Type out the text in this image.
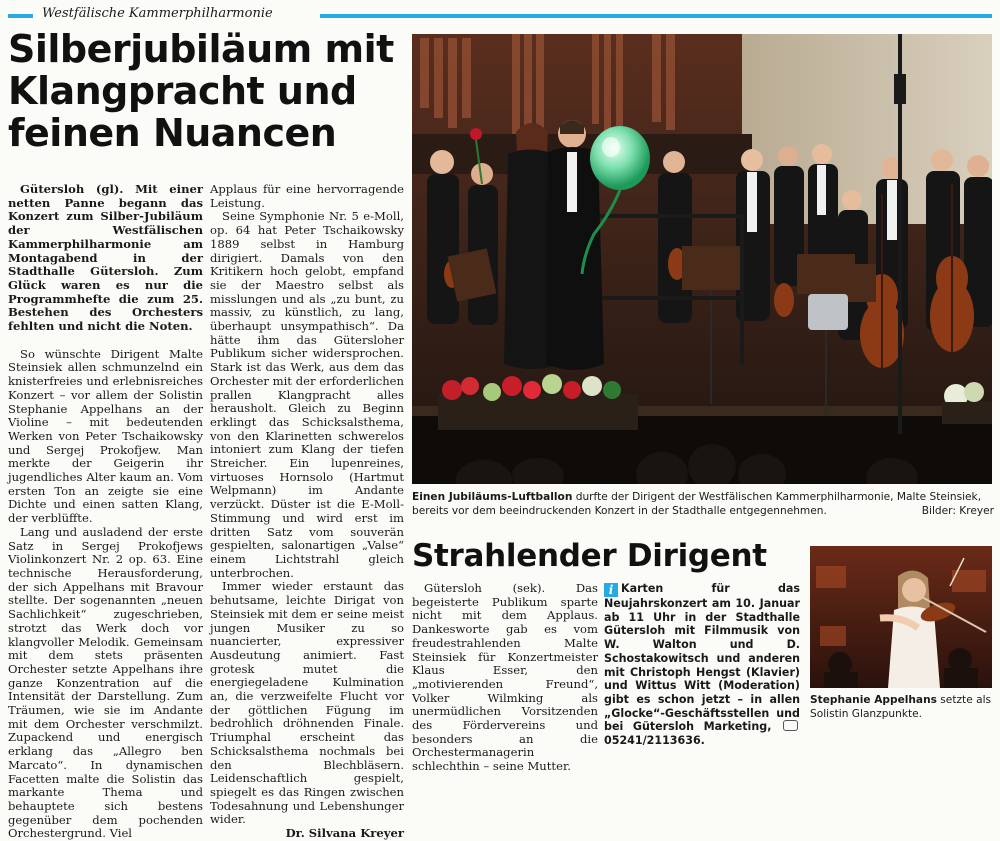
Westfälische Kammerphilharmonie
Silberjubiläum mit Klangpracht und feinen Nuancen

Gütersloh (gl). Mit einer netten Panne begann das Konzert zum Silber-Jubiläum der Westfälischen Kammerphilharmonie am Montagabend in der Stadthalle Gütersloh. Zum Glück waren es nur die Programmhefte die zum 25. Bestehen des Orchesters fehlten und nicht die Noten.

So wünschte Dirigent Malte Steinsiek allen schmunzelnd ein knisterfreies und erlebnisreiches Konzert – vor allem der Solistin Stephanie Appelhans an der Violine – mit bedeutenden Werken von Peter Tschaikowsky und Sergej Prokofjew. Man merkte der Geigerin ihr jugendliches Alter kaum an. Vom ersten Ton an zeigte sie eine Dichte und einen satten Klang, der verblüffte.

Lang und ausladend der erste Satz in Sergej Prokofjews Violinkonzert Nr. 2 op. 63. Eine technische Herausforderung, der sich Appelhans mit Bravour stellte. Der sogenannten „neuen Sachlichkeit“ zugeschrieben, strotzt das Werk doch vor klangvoller Melodik. Gemeinsam mit dem stets präsenten Orchester setzte Appelhans ihre ganze Konzentration auf die Intensität der Darstellung. Zum Träumen, wie sie im Andante mit dem Orchester verschmilzt. Zupackend und energisch erklang das „Allegro ben Marcato“. In dynamischen Facetten malte die Solistin das markante Thema und behauptete sich bestens gegenüber dem pochenden Orchestergrund. Viel

Applaus für eine hervorragende Leistung.

Seine Symphonie Nr. 5 e-Moll, op. 64 hat Peter Tschaikowsky 1889 selbst in Hamburg dirigiert. Damals von den Kritikern hoch gelobt, empfand sie der Maestro selbst als misslungen und als „zu bunt, zu massiv, zu künstlich, zu lang, überhaupt unsympathisch“. Da hätte ihm das Gütersloher Publikum sicher widersprochen. Stark ist das Werk, aus dem das Orchester mit der erforderlichen prallen Klangpracht alles herausholt. Gleich zu Beginn erklingt das Schicksalsthema, von den Klarinetten schwerelos intoniert zum Klang der tiefen Streicher. Ein lupenreines, virtuoses Hornsolo (Hartmut Welpmann) im Andante verzückt. Düster ist die E-Moll-Stimmung und wird erst im dritten Satz vom souverän gespielten, salonartigen „Valse“ einem Lichtstrahl gleich unterbrochen.

Immer wieder erstaunt das behutsame, leichte Dirigat von Steinsiek mit dem er seine meist jungen Musiker zu so nuancierter, expressiver Ausdeutung animiert. Fast grotesk mutet die energiegeladene Kulmination an, die verzweifelte Flucht vor der göttlichen Fügung im bedrohlich dröhnenden Finale. Triumphal erscheint das Schicksalsthema nochmals bei den Blechbläsern. Leidenschaftlich gespielt, spiegelt es das Ringen zwischen Todesahnung und Lebenshunger wider.

Dr. Silvana Kreyer
Einen Jubiläums-Luftballon durfte der Dirigent der Westfälischen Kammerphilharmonie, Malte Steinsiek, bereits vor dem beeindruckenden Konzert in der Stadthalle entgegennehmen.	Bilder: Kreyer
Strahlender Dirigent

Gütersloh (sek). Das begeisterte Publikum sparte nicht mit dem Applaus. Dankesworte gab es vom freudestrahlenden Malte Steinsiek für Konzertmeister Klaus Esser, den „motivierenden Freund“, Volker Wilmking als unermüdlichen Vorsitzenden des Fördervereins und besonders an die Orchestermanagerin schlechthin – seine Mutter.

i Karten für das Neujahrskonzert am 10. Januar ab 11 Uhr in der Stadthalle Gütersloh mit Filmmusik von W. Walton und D. Schostakowitsch und anderen mit Christoph Hengst (Klavier) und Wittus Witt (Moderation) gibt es schon jetzt – in allen „Glocke“-Geschäftsstellen und bei Gütersloh Marketing, 05241/2113636.
Stephanie Appelhans setzte als Solistin Glanzpunkte.
